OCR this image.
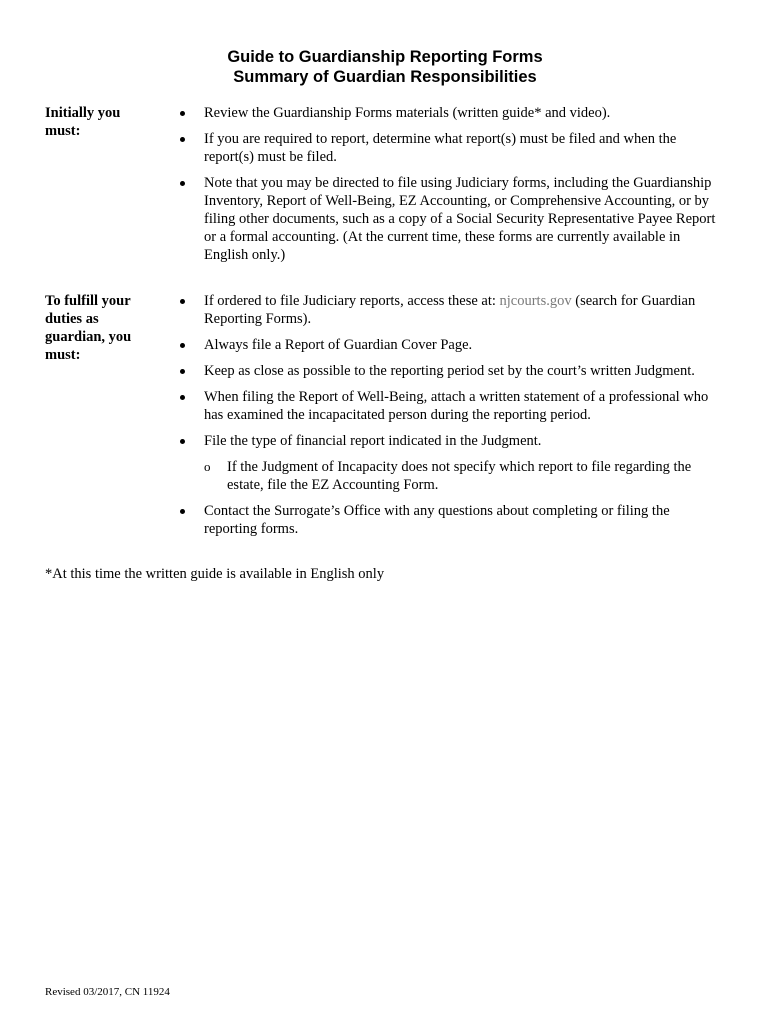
Guide to Guardianship Reporting Forms
Summary of Guardian Responsibilities
Initially you must:
Review the Guardianship Forms materials (written guide* and video).
If you are required to report, determine what report(s) must be filed and when the report(s) must be filed.
Note that you may be directed to file using Judiciary forms, including the Guardianship Inventory, Report of Well-Being, EZ Accounting, or Comprehensive Accounting, or by filing other documents, such as a copy of a Social Security Representative Payee Report or a formal accounting. (At the current time, these forms are currently available in English only.)
To fulfill your duties as guardian, you must:
If ordered to file Judiciary reports, access these at: njcourts.gov (search for Guardian Reporting Forms).
Always file a Report of Guardian Cover Page.
Keep as close as possible to the reporting period set by the court’s written Judgment.
When filing the Report of Well-Being, attach a written statement of a professional who has examined the incapacitated person during the reporting period.
File the type of financial report indicated in the Judgment.
o If the Judgment of Incapacity does not specify which report to file regarding the estate, file the EZ Accounting Form.
Contact the Surrogate’s Office with any questions about completing or filing the reporting forms.
*At this time the written guide is available in English only
Revised 03/2017, CN 11924
